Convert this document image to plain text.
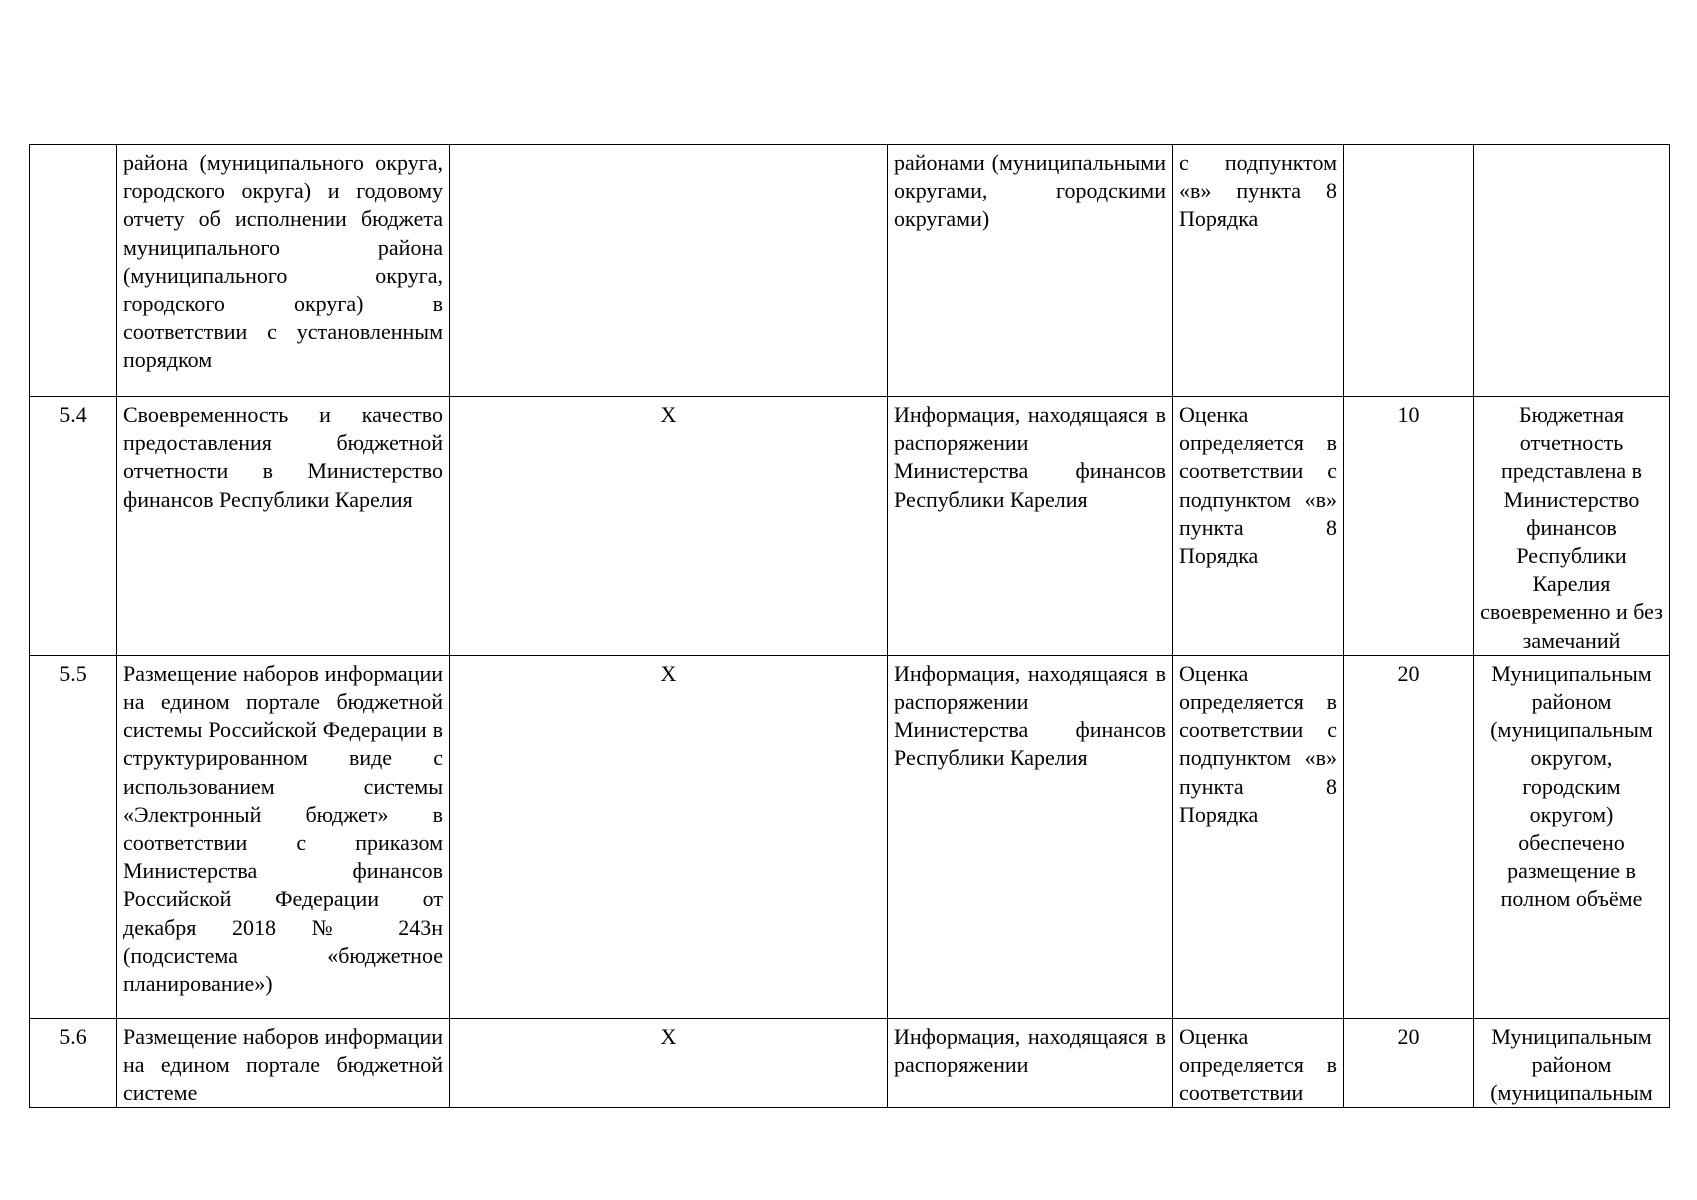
	района (муниципального округа, городского округа) и годовому отчету об исполнении бюджета муниципального района (муниципального округа, городского округа) в соответствии с установленным порядком		районами (муниципальными округами, городскими округами)	с подпунктом «в» пункта 8 Порядка		
5.4	Своевременность и качество предоставления бюджетной отчетности в Министерство финансов Республики Карелия	X	Информация, находящаяся в распоряжении Министерства финансов Республики Карелия	Оценка определяется в соответствии с подпунктом «в» пункта 8 Порядка	10	Бюджетная отчетность представлена в Министерство финансов Республики Карелия своевременно и без замечаний
5.5	Размещение наборов информации на едином портале бюджетной системы Российской Федерации в структурированном виде с использованием системы «Электронный бюджет» в соответствии с приказом Министерства финансов Российской Федерации от декабря 2018 № 243н (подсистема «бюджетное планирование»)	X	Информация, находящаяся в распоряжении Министерства финансов Республики Карелия	Оценка определяется в соответствии с подпунктом «в» пункта 8 Порядка	20	Муниципальным районом (муниципальным округом, городским округом) обеспечено размещение в полном объёме
5.6	Размещение наборов информации на едином портале бюджетной системе	X	Информация, находящаяся в распоряжении	Оценка определяется в соответствии	20	Муниципальным районом (муниципальным
